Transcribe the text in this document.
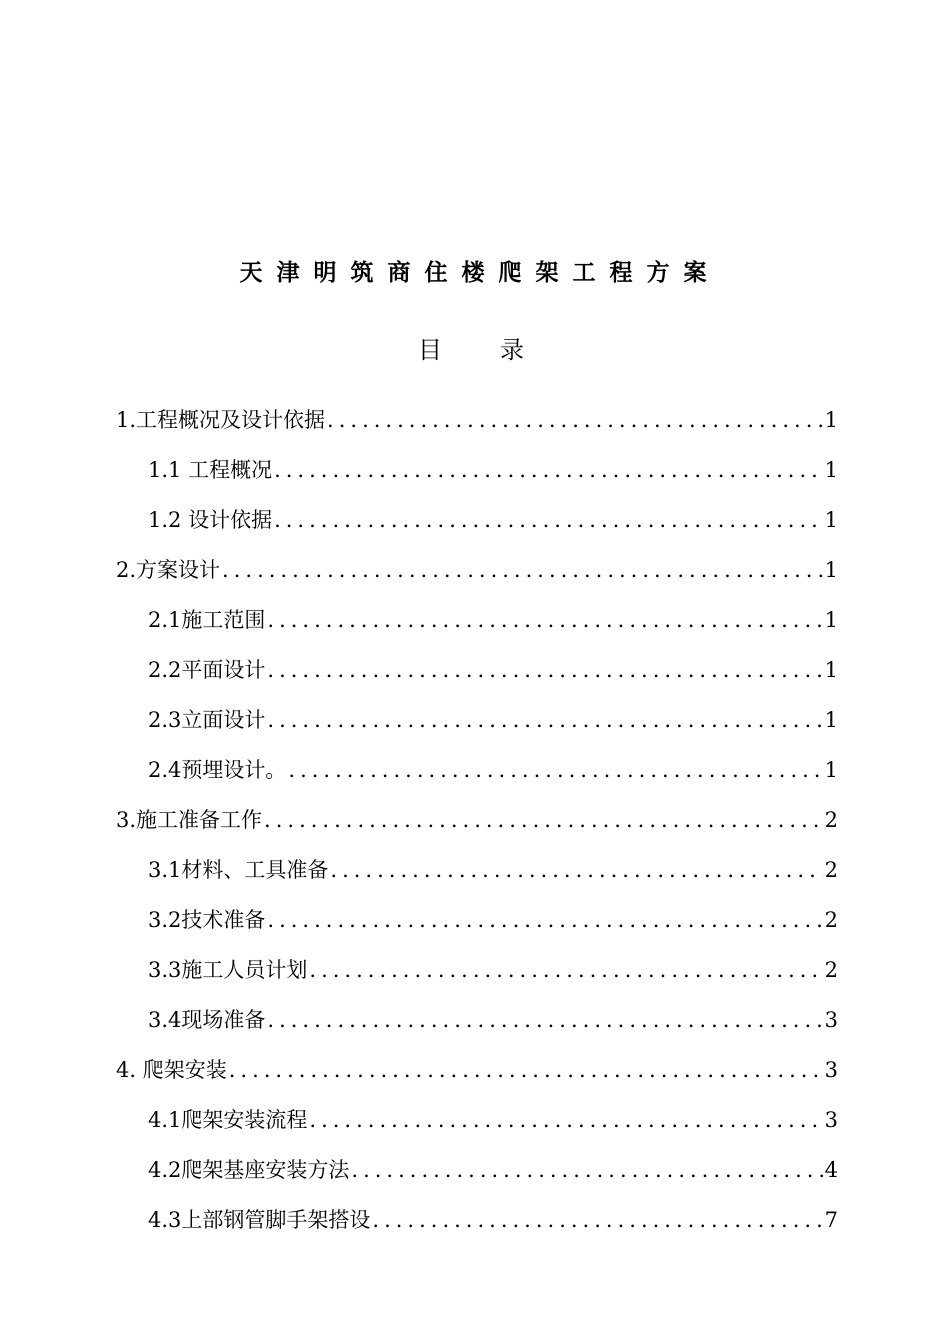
天津明筑商住楼爬架工程方案
目录
1.工程概况及设计依据 .....	1
1.1 工程概况 .....	1
1.2 设计依据 .....	1
2.方案设计 .....	1
2.1施工范围 .....	1
2.2平面设计 .....	1
2.3立面设计 .....	1
2.4预埋设计。 .....	1
3.施工准备工作 .....	2
3.1材料、工具准备 .....	2
3.2技术准备 .....	2
3.3施工人员计划 .....	2
3.4现场准备 .....	3
4. 爬架安装 .....	3
4.1爬架安装流程 .....	3
4.2爬架基座安装方法 .....	4
4.3上部钢管脚手架搭设 .....	7
